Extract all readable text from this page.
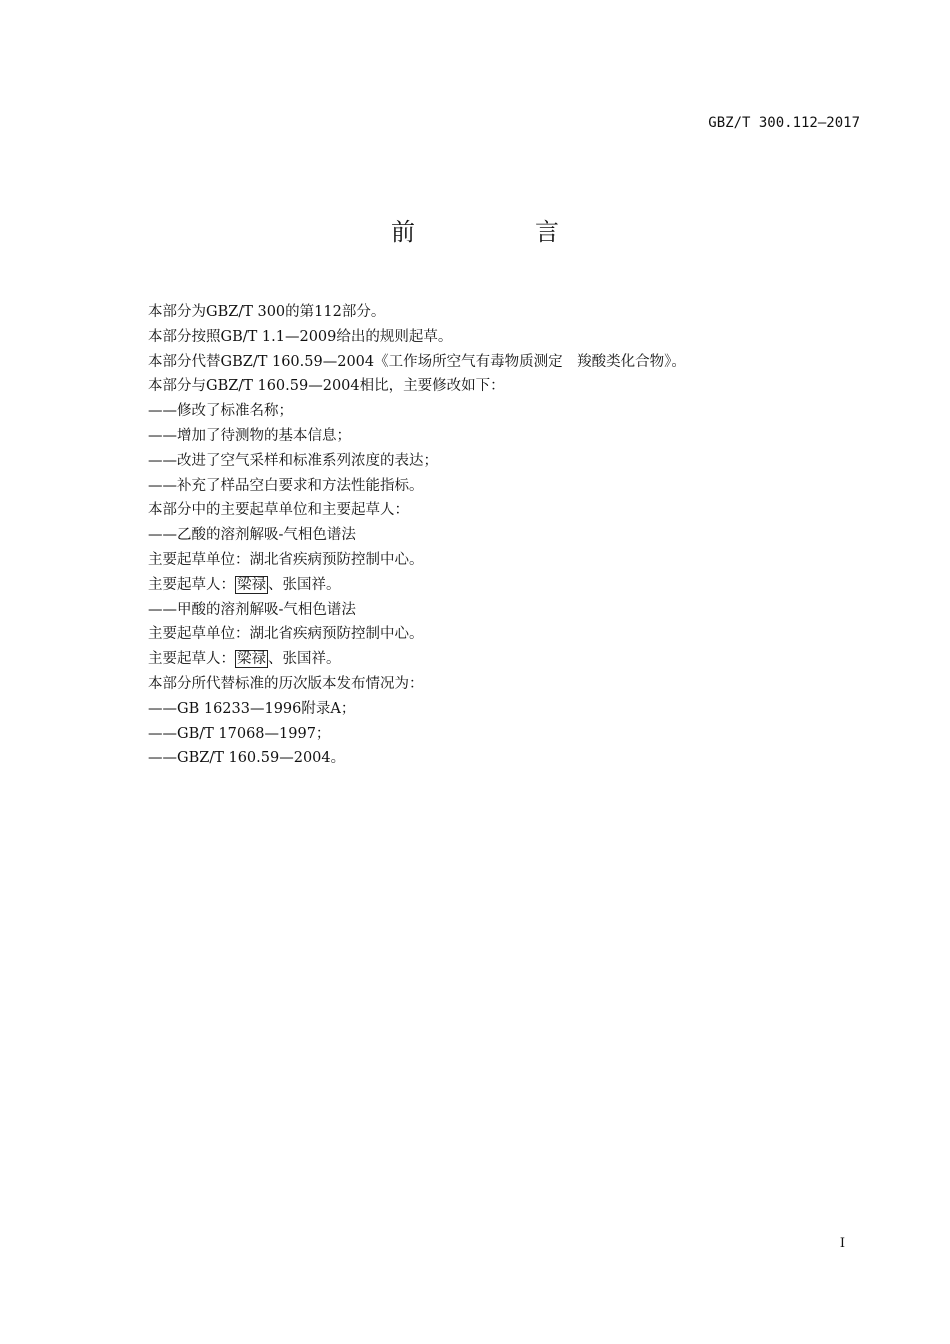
GBZ/T 300.112—2017
前　言
本部分为GBZ/T 300的第112部分。
本部分按照GB/T 1.1—2009给出的规则起草。
本部分代替GBZ/T 160.59—2004《工作场所空气有毒物质测定　羧酸类化合物》。
本部分与GBZ/T 160.59—2004相比，主要修改如下：
——修改了标准名称；
——增加了待测物的基本信息；
——改进了空气采样和标准系列浓度的表达；
——补充了样品空白要求和方法性能指标。
本部分中的主要起草单位和主要起草人：
——乙酸的溶剂解吸-气相色谱法
主要起草单位：湖北省疾病预防控制中心。
主要起草人： 梁禄 、张国祥。
——甲酸的溶剂解吸-气相色谱法
主要起草单位：湖北省疾病预防控制中心。
主要起草人： 梁禄 、张国祥。
本部分所代替标准的历次版本发布情况为：
——GB 16233—1996附录A；
——GB/T 17068—1997；
——GBZ/T 160.59—2004。
I
